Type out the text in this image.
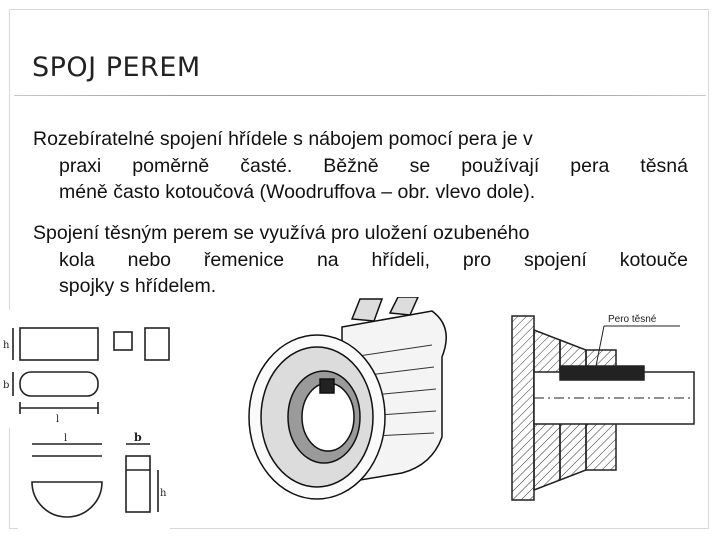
SPOJ PEREM

Rozebíratelné spojení hřídele s nábojem pomocí pera je v
praxi poměrně časté. Běžně se používají pera těsná
méně často kotoučová (Woodruffova – obr. vlevo dole).

Spojení těsným perem se využívá pro uložení ozubeného
kola nebo řemenice na hřídeli, pro spojení kotouče
spojky s hřídelem.

h
b
l
l	b
h
Pero těsné
